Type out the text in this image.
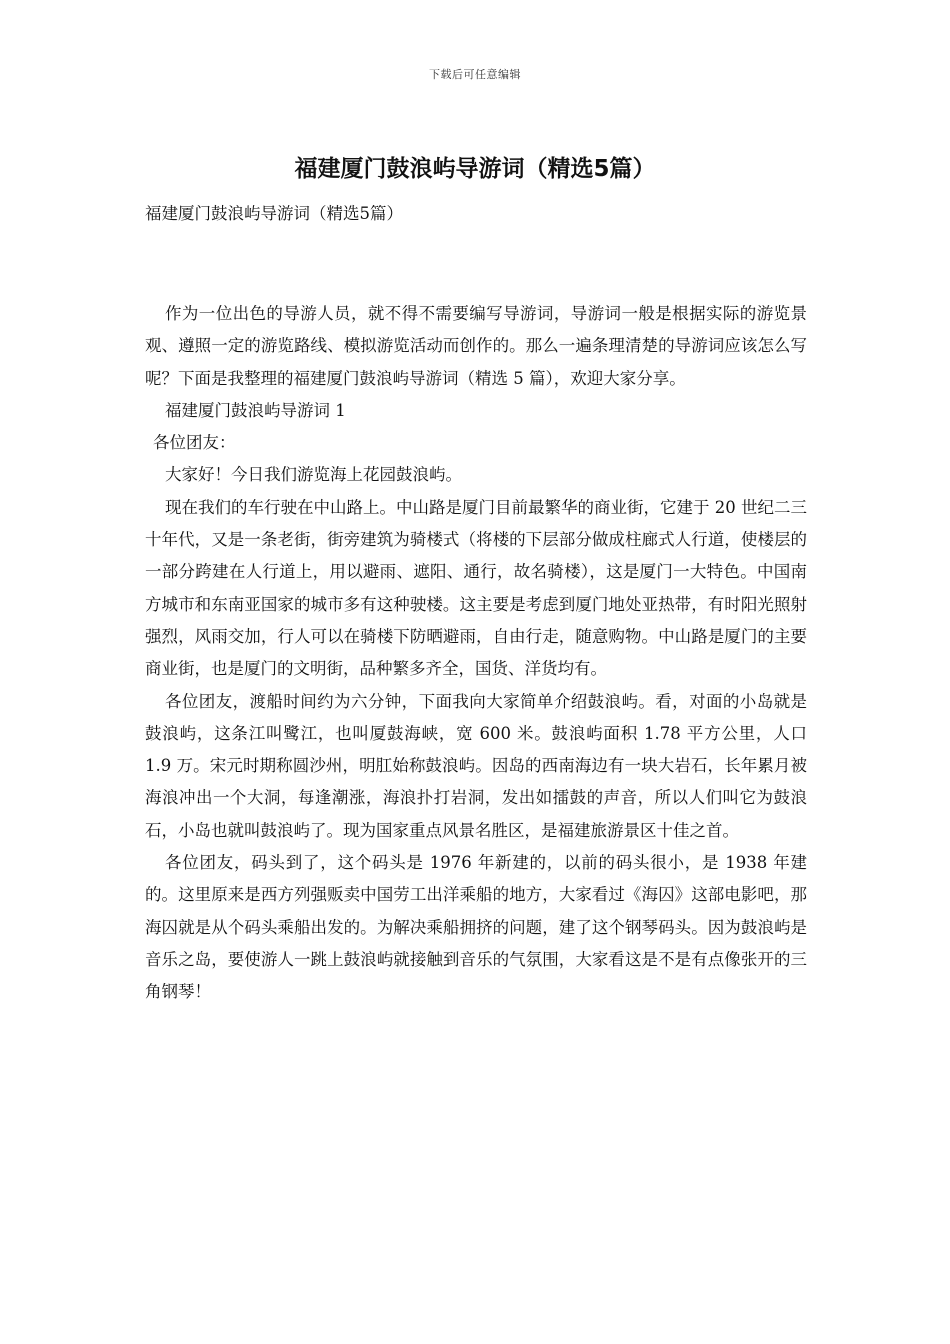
下载后可任意编辑
福建厦门鼓浪屿导游词（精选5篇）
福建厦门鼓浪屿导游词（精选5篇）

作为一位出色的导游人员，就不得不需要编写导游词，导游词一般是根据实际的游览景观、遵照一定的游览路线、模拟游览活动而创作的。那么一遍条理清楚的导游词应该怎么写呢？下面是我整理的福建厦门鼓浪屿导游词（精选 5 篇），欢迎大家分享。

福建厦门鼓浪屿导游词 1

各位团友：

大家好！今日我们游览海上花园鼓浪屿。

现在我们的车行驶在中山路上。中山路是厦门目前最繁华的商业街，它建于 20 世纪二三十年代，又是一条老街，街旁建筑为骑楼式（将楼的下层部分做成柱廊式人行道，使楼层的一部分跨建在人行道上，用以避雨、遮阳、通行，故名骑楼），这是厦门一大特色。中国南方城市和东南亚国家的城市多有这种驶楼。这主要是考虑到厦门地处亚热带，有时阳光照射强烈，风雨交加，行人可以在骑楼下防晒避雨，自由行走，随意购物。中山路是厦门的主要商业街，也是厦门的文明街，品种繁多齐全，国货、洋货均有。

各位团友，渡船时间约为六分钟，下面我向大家简单介绍鼓浪屿。看，对面的小岛就是鼓浪屿，这条江叫鹭江，也叫厦鼓海峡，宽 600 米。鼓浪屿面积 1.78 平方公里，人口 1.9 万。宋元时期称圆沙州，明肛始称鼓浪屿。因岛的西南海边有一块大岩石，长年累月被海浪冲出一个大洞，每逢潮涨，海浪扑打岩洞，发出如擂鼓的声音，所以人们叫它为鼓浪石，小岛也就叫鼓浪屿了。现为国家重点风景名胜区，是福建旅游景区十佳之首。

各位团友，码头到了，这个码头是 1976 年新建的，以前的码头很小，是 1938 年建的。这里原来是西方列强贩卖中国劳工出洋乘船的地方，大家看过《海囚》这部电影吧，那海囚就是从个码头乘船出发的。为解决乘船拥挤的问题，建了这个钢琴码头。因为鼓浪屿是音乐之岛，要使游人一跳上鼓浪屿就接触到音乐的气氛围，大家看这是不是有点像张开的三角钢琴！
